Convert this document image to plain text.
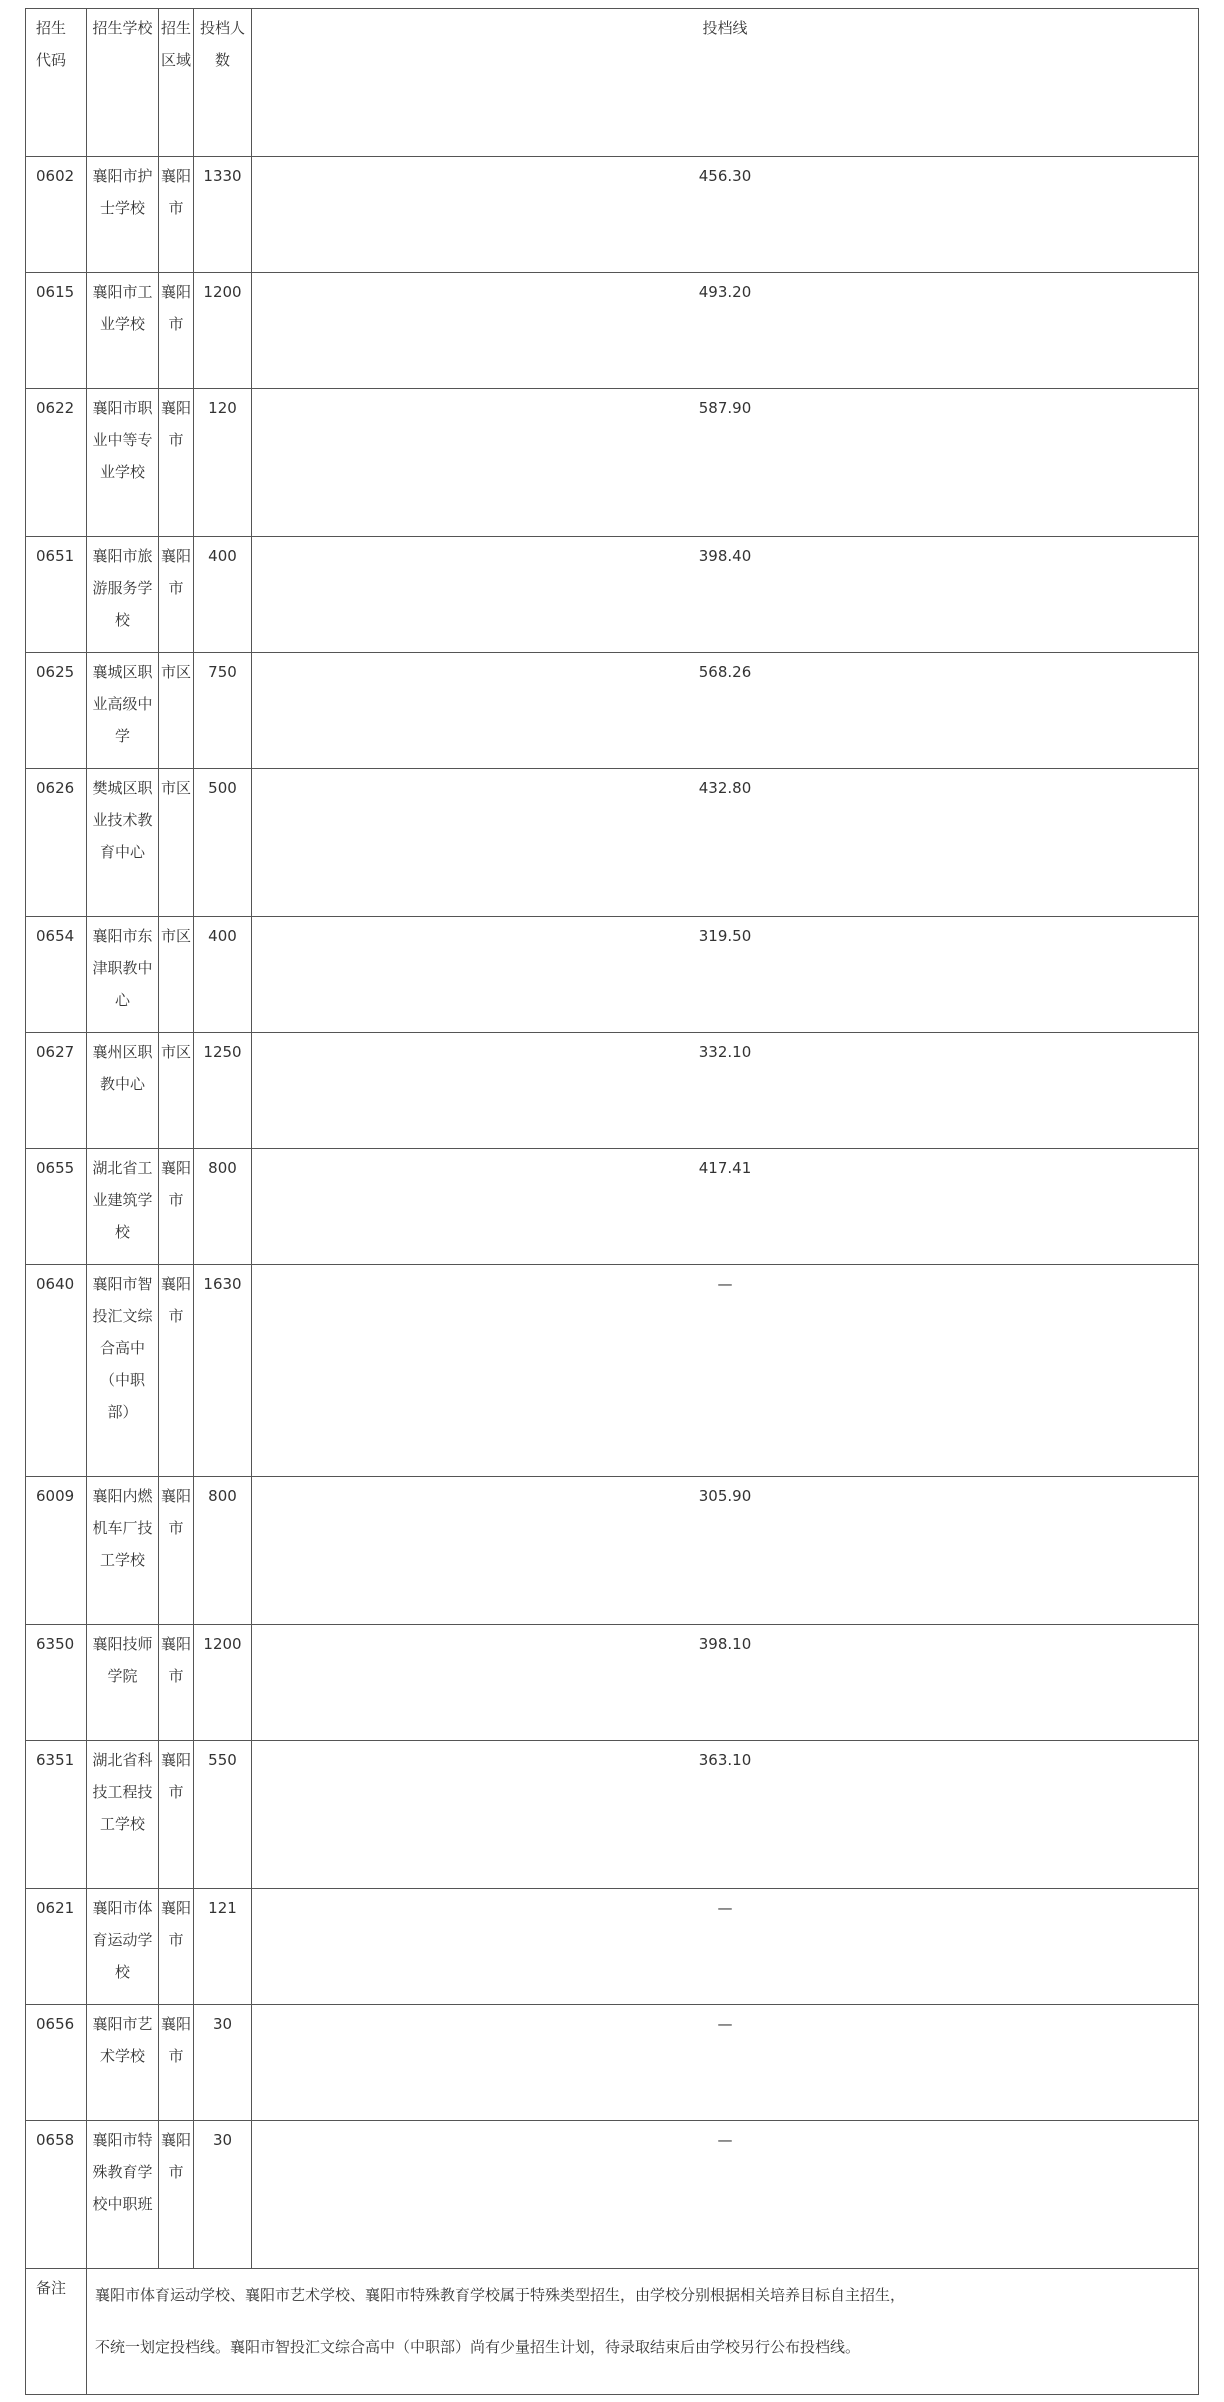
招生代码	招生学校	招生区域	投档人数	投档线
0602	襄阳市护士学校	襄阳市	1330	456.30
0615	襄阳市工业学校	襄阳市	1200	493.20
0622	襄阳市职业中等专业学校	襄阳市	120	587.90
0651	襄阳市旅游服务学校	襄阳市	400	398.40
0625	襄城区职业高级中学	市区	750	568.26
0626	樊城区职业技术教育中心	市区	500	432.80
0654	襄阳市东津职教中心	市区	400	319.50
0627	襄州区职教中心	市区	1250	332.10
0655	湖北省工业建筑学校	襄阳市	800	417.41
0640	襄阳市智投汇文综合高中（中职部）	襄阳市	1630	—
6009	襄阳内燃机车厂技工学校	襄阳市	800	305.90
6350	襄阳技师学院	襄阳市	1200	398.10
6351	湖北省科技工程技工学校	襄阳市	550	363.10
0621	襄阳市体育运动学校	襄阳市	121	—
0656	襄阳市艺术学校	襄阳市	30	—
0658	襄阳市特殊教育学校中职班	襄阳市	30	—
备注	襄阳市体育运动学校、襄阳市艺术学校、襄阳市特殊教育学校属于特殊类型招生，由学校分别根据相关培养目标自主招生，
不统一划定投档线。襄阳市智投汇文综合高中（中职部）尚有少量招生计划，待录取结束后由学校另行公布投档线。			
